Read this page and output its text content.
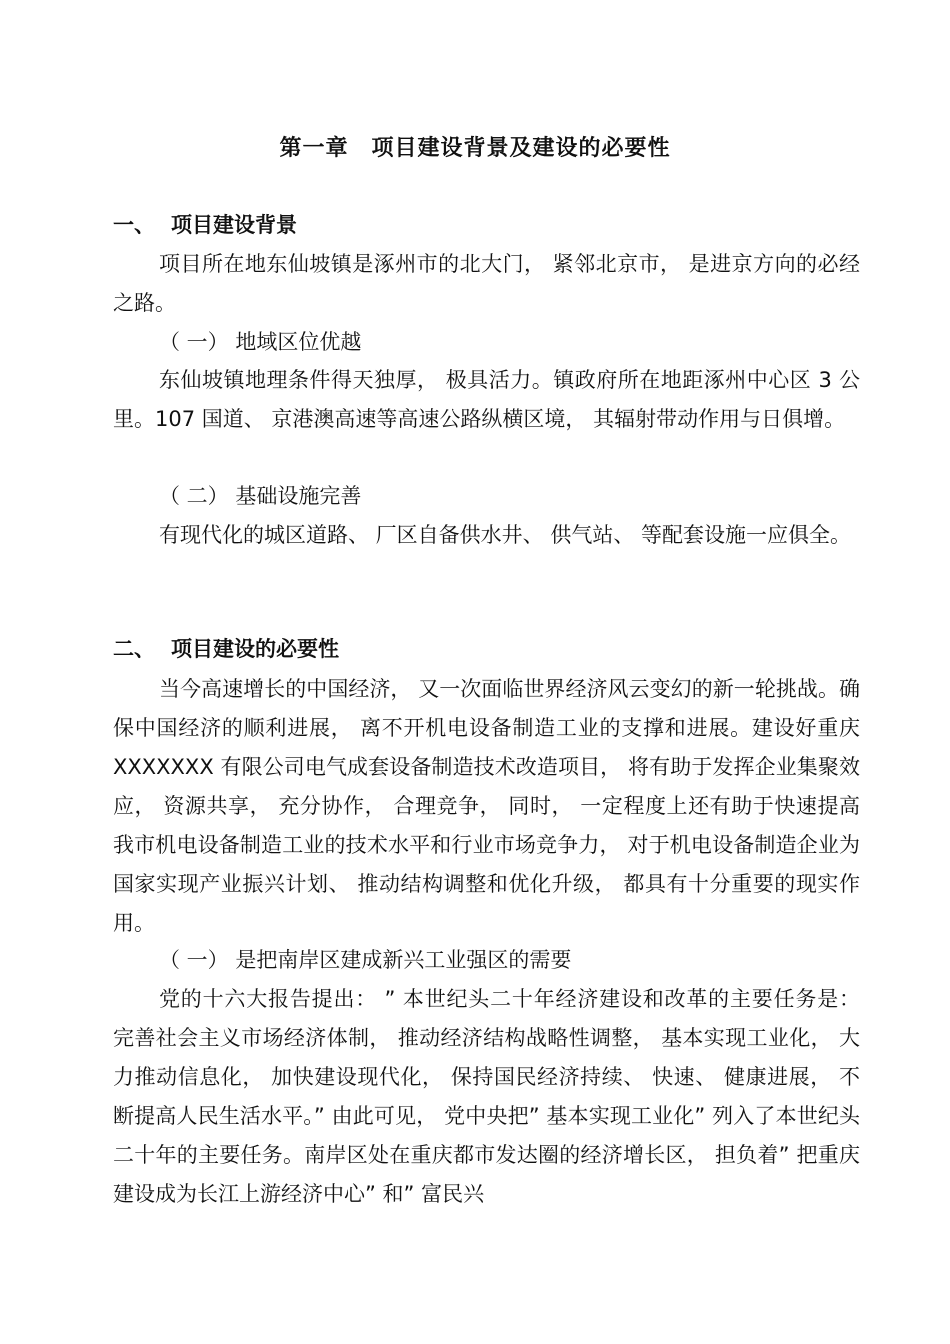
第一章　项目建设背景及建设的必要性
一、 项目建设背景

项目所在地东仙坡镇是涿州市的北大门， 紧邻北京市， 是进京方向的必经之路。

（ 一） 地域区位优越

东仙坡镇地理条件得天独厚， 极具活力。镇政府所在地距涿州中心区 3 公里。107 国道、 京港澳高速等高速公路纵横区境， 其辐射带动作用与日俱增。

（ 二） 基础设施完善

有现代化的城区道路、 厂区自备供水井、 供气站、 等配套设施一应俱全。

二、 项目建设的必要性

当今高速增长的中国经济， 又一次面临世界经济风云变幻的新一轮挑战。确保中国经济的顺利进展， 离不开机电设备制造工业的支撑和进展。建设好重庆 XXXXXXX 有限公司电气成套设备制造技术改造项目， 将有助于发挥企业集聚效应， 资源共享， 充分协作， 合理竞争， 同时， 一定程度上还有助于快速提高我市机电设备制造工业的技术水平和行业市场竞争力， 对于机电设备制造企业为国家实现产业振兴计划、 推动结构调整和优化升级， 都具有十分重要的现实作用。

（ 一） 是把南岸区建成新兴工业强区的需要

党的十六大报告提出： ” 本世纪头二十年经济建设和改革的主要任务是： 完善社会主义市场经济体制， 推动经济结构战略性调整， 基本实现工业化， 大力推动信息化， 加快建设现代化， 保持国民经济持续、 快速、 健康进展， 不断提高人民生活水平。” 由此可见， 党中央把” 基本实现工业化” 列入了本世纪头二十年的主要任务。南岸区处在重庆都市发达圈的经济增长区， 担负着” 把重庆建设成为长江上游经济中心” 和” 富民兴
